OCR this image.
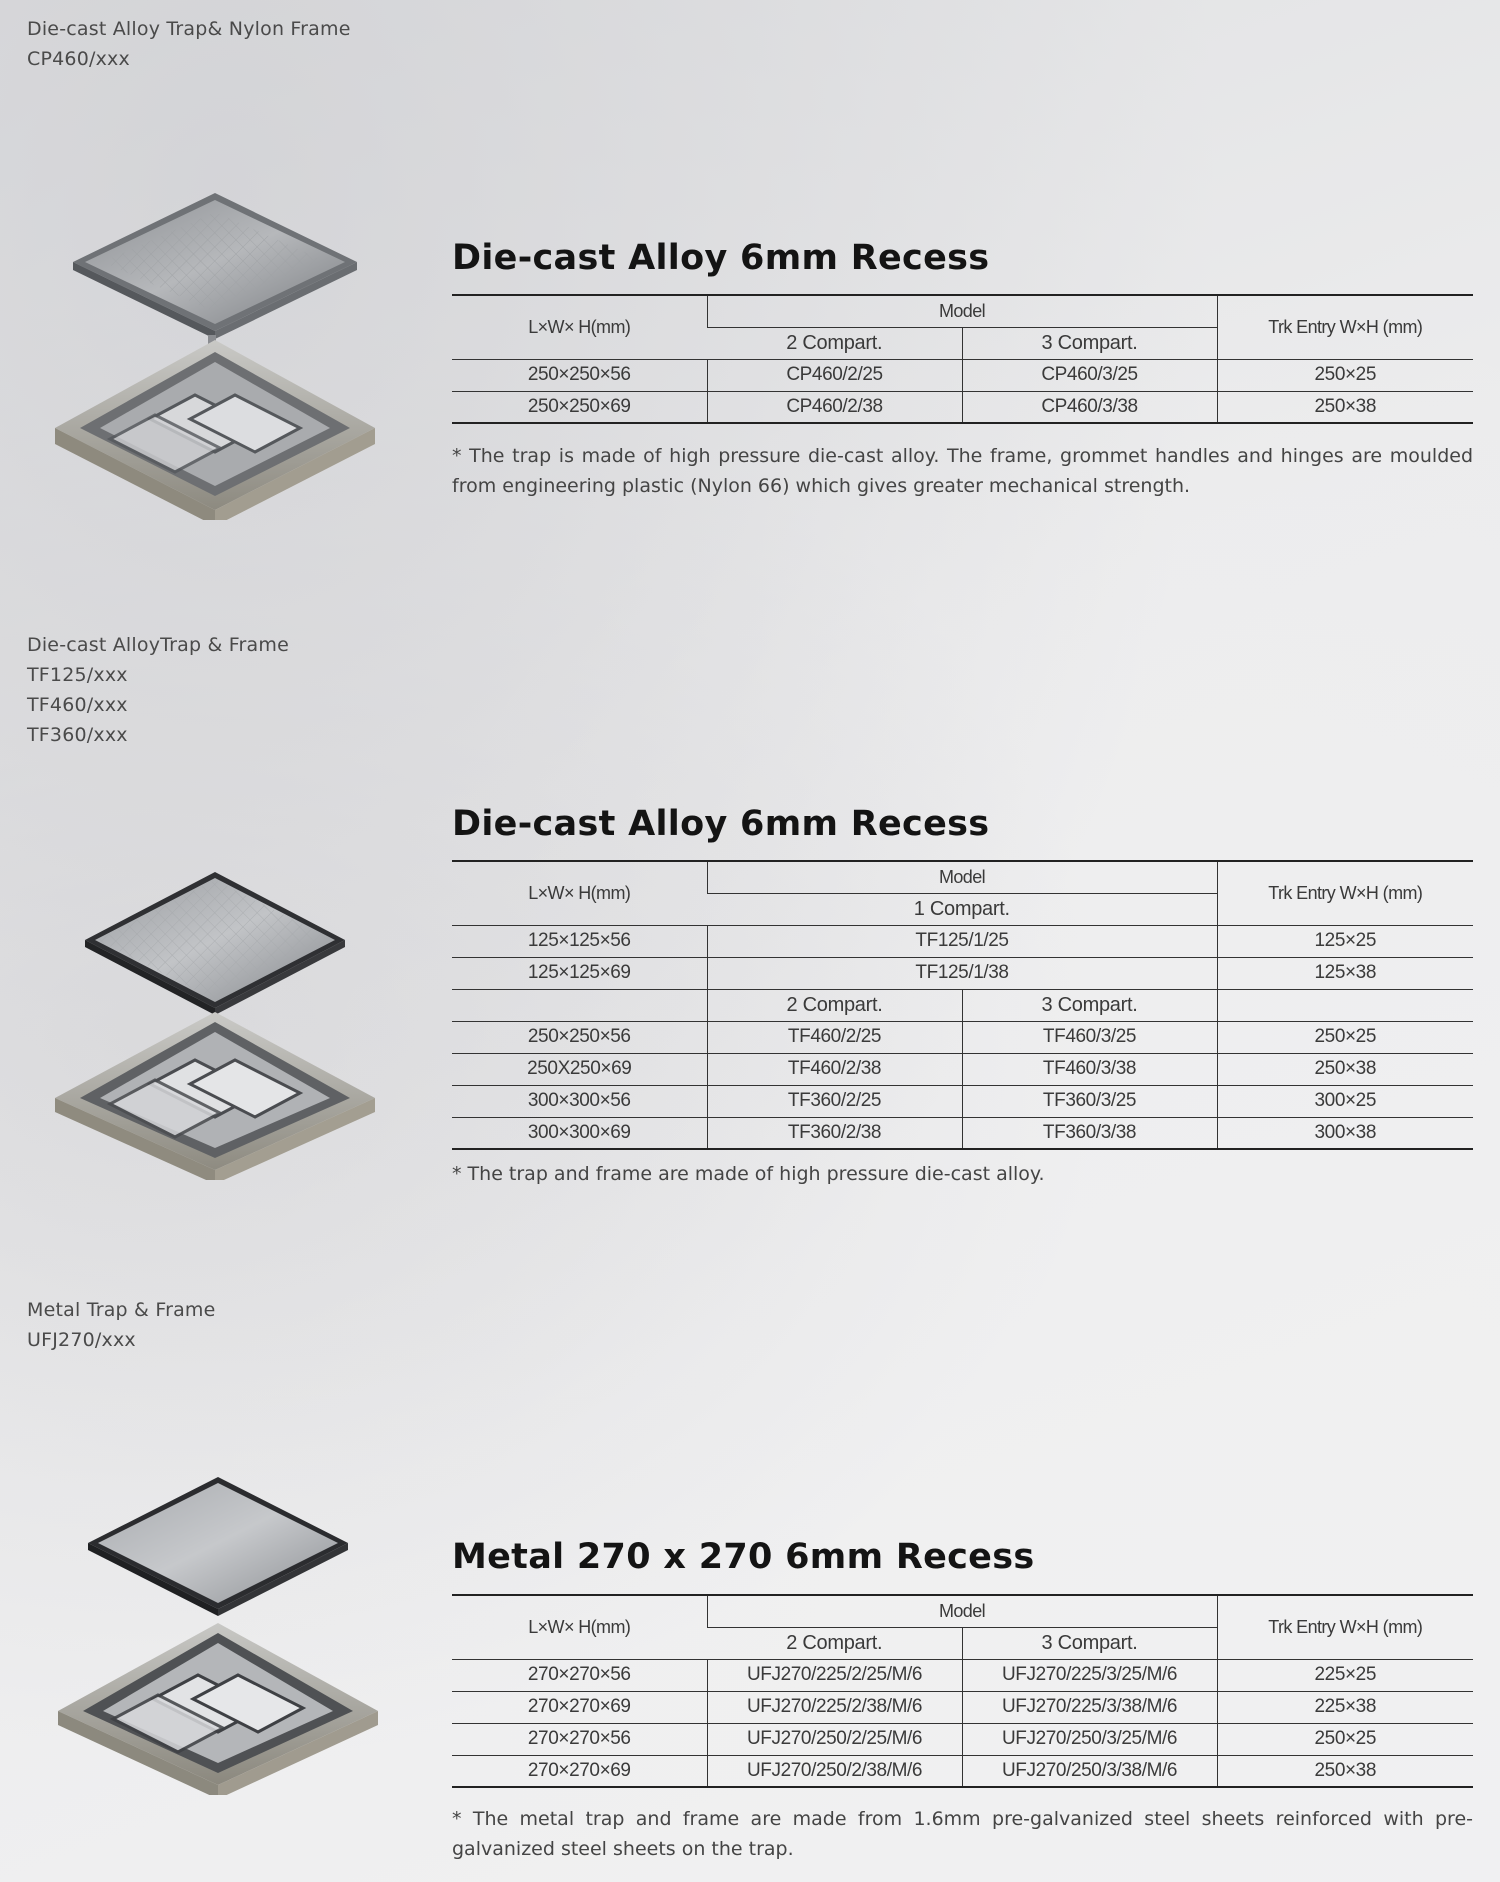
Die-cast Alloy Trap& Nylon Frame
CP460/xxx
Die-cast Alloy 6mm Recess
L×W× H(mm)	Model		Trk Entry W×H (mm)
	2 Compart.	3 Compart.	
250×250×56	CP460/2/25	CP460/3/25	250×25
250×250×69	CP460/2/38	CP460/3/38	250×38
* The trap is made of high pressure die-cast alloy. The frame, grommet handles and hinges are moulded from engineering plastic (Nylon 66) which gives greater mechanical strength.
Die-cast AlloyTrap & Frame
TF125/xxx
TF460/xxx
TF360/xxx
Die-cast Alloy 6mm Recess
L×W× H(mm)	Model		Trk Entry W×H (mm)
	1 Compart.		
125×125×56	TF125/1/25		125×25
125×125×69	TF125/1/38		125×38
	2 Compart.	3 Compart.	
250×250×56	TF460/2/25	TF460/3/25	250×25
250X250×69	TF460/2/38	TF460/3/38	250×38
300×300×56	TF360/2/25	TF360/3/25	300×25
300×300×69	TF360/2/38	TF360/3/38	300×38
* The trap and frame are made of high pressure die-cast alloy.
Metal Trap & Frame
UFJ270/xxx
Metal 270 x 270 6mm Recess
L×W× H(mm)	Model		Trk Entry W×H (mm)
	2 Compart.	3 Compart.	
270×270×56	UFJ270/225/2/25/M/6	UFJ270/225/3/25/M/6	225×25
270×270×69	UFJ270/225/2/38/M/6	UFJ270/225/3/38/M/6	225×38
270×270×56	UFJ270/250/2/25/M/6	UFJ270/250/3/25/M/6	250×25
270×270×69	UFJ270/250/2/38/M/6	UFJ270/250/3/38/M/6	250×38
* The metal trap and frame are made from 1.6mm pre-galvanized steel sheets reinforced with pre-galvanized steel sheets on the trap.
